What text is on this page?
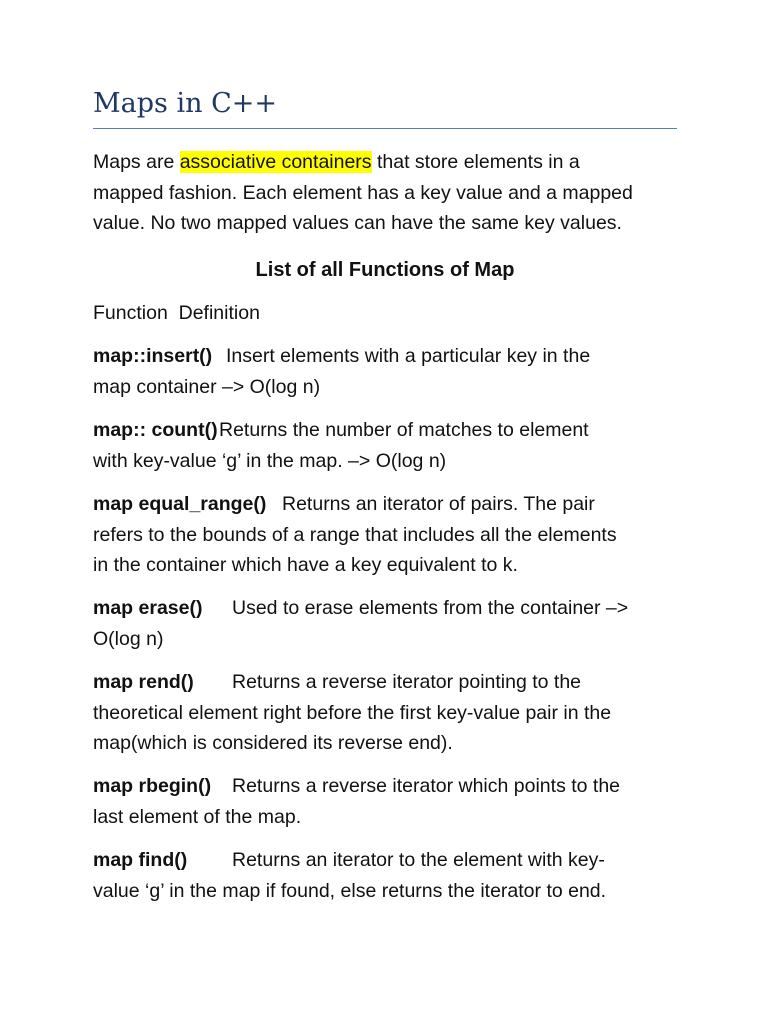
Maps in C++

Maps are associative containers that store elements in a
mapped fashion. Each element has a key value and a mapped
value. No two mapped values can have the same key values.

List of all Functions of Map

Function  Definition

map::insert() Insert elements with a particular key in the
map container –> O(log n)

map:: count()Returns the number of matches to element
with key-value ‘g’ in the map. –> O(log n)

map equal_range() Returns an iterator of pairs. The pair
refers to the bounds of a range that includes all the elements
in the container which have a key equivalent to k.

map erase() Used to erase elements from the container –>
O(log n)

map rend() Returns a reverse iterator pointing to the
theoretical element right before the first key-value pair in the
map(which is considered its reverse end).

map rbegin() Returns a reverse iterator which points to the
last element of the map.

map find() Returns an iterator to the element with key-
value ‘g’ in the map if found, else returns the iterator to end.
